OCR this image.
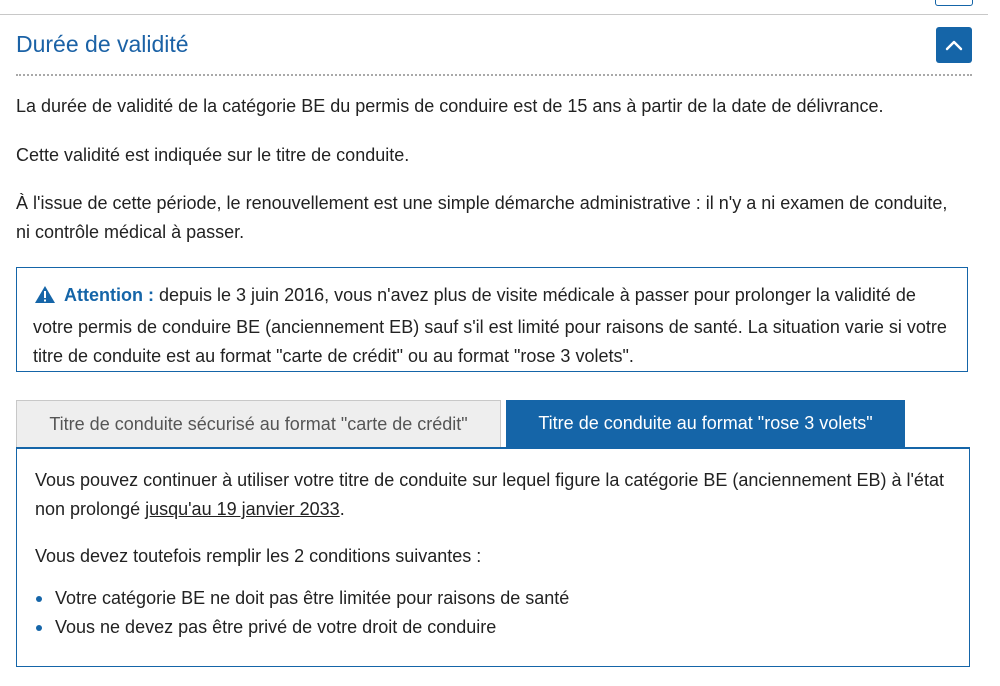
Durée de validité

La durée de validité de la catégorie BE du permis de conduire est de 15 ans à partir de la date de délivrance.

Cette validité est indiquée sur le titre de conduite.

À l'issue de cette période, le renouvellement est une simple démarche administrative : il n'y a ni examen de conduite, ni contrôle médical à passer.

Attention : depuis le 3 juin 2016, vous n'avez plus de visite médicale à passer pour prolonger la validité de votre permis de conduire BE (anciennement EB) sauf s'il est limité pour raisons de santé. La situation varie si votre titre de conduite est au format "carte de crédit" ou au format "rose 3 volets".
Titre de conduite sécurisé au format "carte de crédit"	Titre de conduite au format "rose 3 volets"

Vous pouvez continuer à utiliser votre titre de conduite sur lequel figure la catégorie BE (anciennement EB) à l'état non prolongé jusqu'au 19 janvier 2033.

Vous devez toutefois remplir les 2 conditions suivantes :

Votre catégorie BE ne doit pas être limitée pour raisons de santé
Vous ne devez pas être privé de votre droit de conduire
